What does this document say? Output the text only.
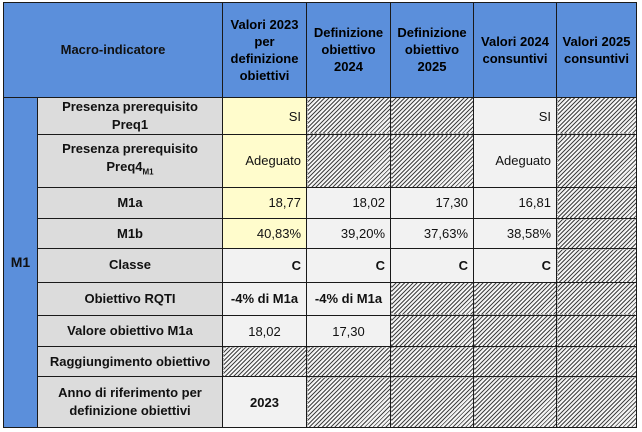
Macro-indicatore		Valori 2023 per definizione obiettivi	Definizione obiettivo 2024	Definizione obiettivo 2025	Valori 2024 consuntivi	Valori 2025 consuntivi
M1	Presenza prerequisito Preq1	SI			SI	
	Presenza prerequisito $Preq4_{M1}$	Adeguato			Adeguato	
	M1a	18,77	18,02	17,30	16,81	
	M1b	40,83%	39,20%	37,63%	38,58%	
	Classe	C	C	C	C	
	Obiettivo RQTI	-4% di M1a	-4% di M1a			
	Valore obiettivo M1a	18,02	17,30			
	Raggiungimento obiettivo					
	Anno di riferimento per definizione obiettivi	2023				
